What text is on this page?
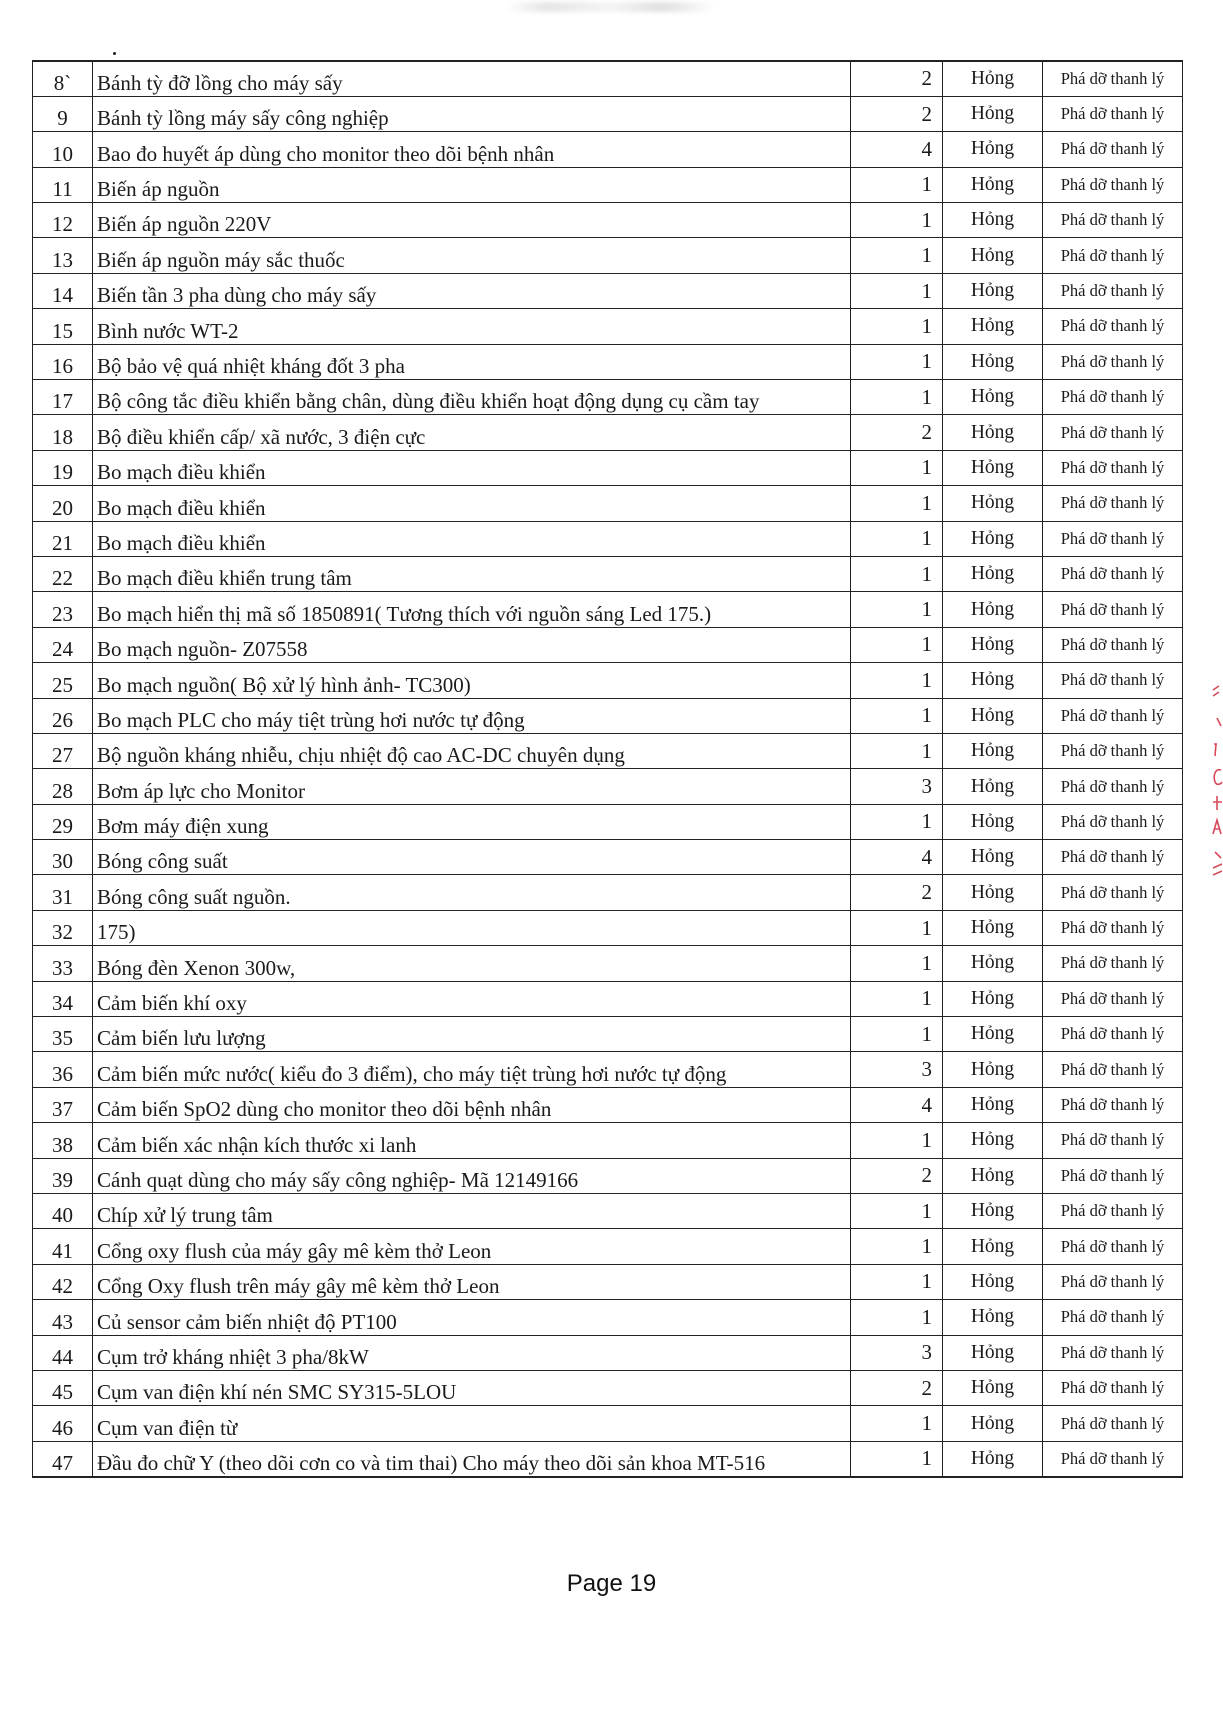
8`	Bánh tỳ đỡ lồng cho máy sấy	2	Hỏng	Phá dỡ thanh lý
9	Bánh tỳ lồng máy sấy công nghiệp	2	Hỏng	Phá dỡ thanh lý
10	Bao đo huyết áp dùng cho monitor theo dõi bệnh nhân	4	Hỏng	Phá dỡ thanh lý
11	Biến áp nguồn	1	Hỏng	Phá dỡ thanh lý
12	Biến áp nguồn 220V	1	Hỏng	Phá dỡ thanh lý
13	Biến áp nguồn máy sắc thuốc	1	Hỏng	Phá dỡ thanh lý
14	Biến tần 3 pha dùng cho máy sấy	1	Hỏng	Phá dỡ thanh lý
15	Bình nước WT-2	1	Hỏng	Phá dỡ thanh lý
16	Bộ bảo vệ quá nhiệt kháng đốt 3 pha	1	Hỏng	Phá dỡ thanh lý
17	Bộ công tắc điều khiển bằng chân, dùng điều khiển hoạt động dụng cụ cầm tay	1	Hỏng	Phá dỡ thanh lý
18	Bộ điều khiển cấp/ xã nước, 3 điện cực	2	Hỏng	Phá dỡ thanh lý
19	Bo mạch điều khiển	1	Hỏng	Phá dỡ thanh lý
20	Bo mạch điều khiển	1	Hỏng	Phá dỡ thanh lý
21	Bo mạch điều khiển	1	Hỏng	Phá dỡ thanh lý
22	Bo mạch điều khiển trung tâm	1	Hỏng	Phá dỡ thanh lý
23	Bo mạch hiển thị mã số 1850891( Tương thích với nguồn sáng Led 175.)	1	Hỏng	Phá dỡ thanh lý
24	Bo mạch nguồn- Z07558	1	Hỏng	Phá dỡ thanh lý
25	Bo mạch nguồn( Bộ xử lý hình ảnh- TC300)	1	Hỏng	Phá dỡ thanh lý
26	Bo mạch PLC cho máy tiệt trùng hơi nước tự động	1	Hỏng	Phá dỡ thanh lý
27	Bộ nguồn kháng nhiễu, chịu nhiệt độ cao AC-DC chuyên dụng	1	Hỏng	Phá dỡ thanh lý
28	Bơm áp lực cho Monitor	3	Hỏng	Phá dỡ thanh lý
29	Bơm máy điện xung	1	Hỏng	Phá dỡ thanh lý
30	Bóng công suất	4	Hỏng	Phá dỡ thanh lý
31	Bóng công suất nguồn.	2	Hỏng	Phá dỡ thanh lý
32	175)	1	Hỏng	Phá dỡ thanh lý
33	Bóng đèn Xenon 300w,	1	Hỏng	Phá dỡ thanh lý
34	Cảm biến khí oxy	1	Hỏng	Phá dỡ thanh lý
35	Cảm biến lưu lượng	1	Hỏng	Phá dỡ thanh lý
36	Cảm biến mức nước( kiểu đo 3 điểm), cho máy tiệt trùng hơi nước tự động	3	Hỏng	Phá dỡ thanh lý
37	Cảm biến SpO2 dùng cho monitor theo dõi bệnh nhân	4	Hỏng	Phá dỡ thanh lý
38	Cảm biến xác nhận kích thước xi lanh	1	Hỏng	Phá dỡ thanh lý
39	Cánh quạt dùng cho máy sấy công nghiệp- Mã 12149166	2	Hỏng	Phá dỡ thanh lý
40	Chíp xử lý trung tâm	1	Hỏng	Phá dỡ thanh lý
41	Cổng oxy flush của máy gây mê kèm thở Leon	1	Hỏng	Phá dỡ thanh lý
42	Cổng Oxy flush trên máy gây mê kèm thở Leon	1	Hỏng	Phá dỡ thanh lý
43	Củ sensor cảm biến nhiệt độ PT100	1	Hỏng	Phá dỡ thanh lý
44	Cụm trở kháng nhiệt 3 pha/8kW	3	Hỏng	Phá dỡ thanh lý
45	Cụm van điện khí nén SMC SY315-5LOU	2	Hỏng	Phá dỡ thanh lý
46	Cụm van điện từ	1	Hỏng	Phá dỡ thanh lý
47	Đầu đo chữ Y (theo dõi cơn co và tim thai) Cho máy theo dõi sản khoa MT-516	1	Hỏng	Phá dỡ thanh lý
Page 19
